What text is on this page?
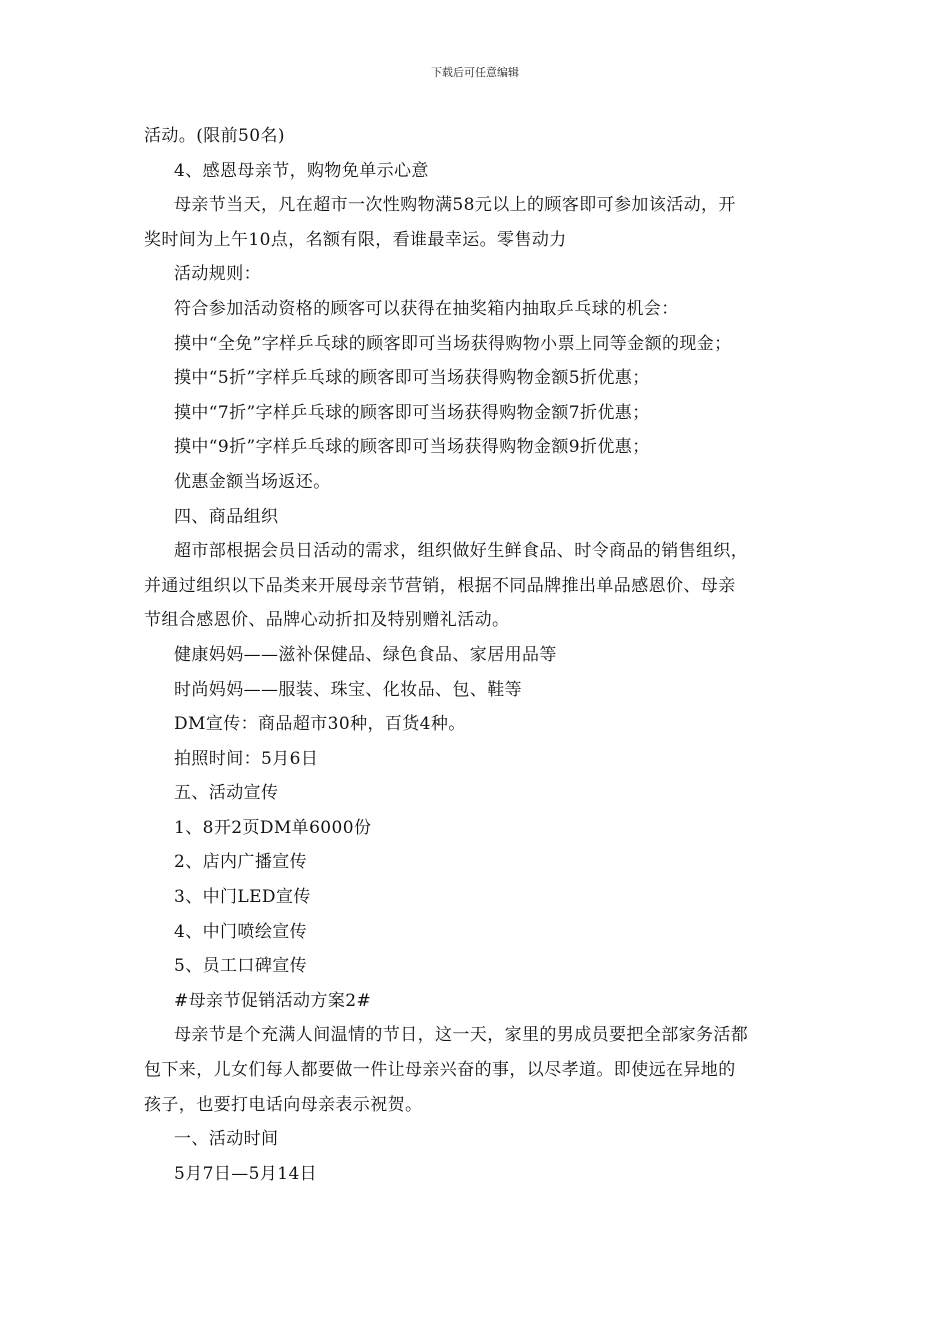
下载后可任意编辑

活动。(限前50名)

4、感恩母亲节，购物免单示心意

母亲节当天，凡在超市一次性购物满58元以上的顾客即可参加该活动，开

奖时间为上午10点，名额有限，看谁最幸运。零售动力

活动规则：

符合参加活动资格的顾客可以获得在抽奖箱内抽取乒乓球的机会：

摸中“全免”字样乒乓球的顾客即可当场获得购物小票上同等金额的现金；

摸中“5折”字样乒乓球的顾客即可当场获得购物金额5折优惠；

摸中“7折”字样乒乓球的顾客即可当场获得购物金额7折优惠；

摸中“9折”字样乒乓球的顾客即可当场获得购物金额9折优惠；

优惠金额当场返还。

四、商品组织

超市部根据会员日活动的需求，组织做好生鲜食品、时令商品的销售组织，

并通过组织以下品类来开展母亲节营销，根据不同品牌推出单品感恩价、母亲

节组合感恩价、品牌心动折扣及特别赠礼活动。

健康妈妈——滋补保健品、绿色食品、家居用品等

时尚妈妈——服装、珠宝、化妆品、包、鞋等

DM宣传：商品超市30种，百货4种。

拍照时间：5月6日

五、活动宣传

1、8开2页DM单6000份

2、店内广播宣传

3、中门LED宣传

4、中门喷绘宣传

5、员工口碑宣传

#母亲节促销活动方案2#

母亲节是个充满人间温情的节日，这一天，家里的男成员要把全部家务活都

包下来，儿女们每人都要做一件让母亲兴奋的事，以尽孝道。即使远在异地的

孩子，也要打电话向母亲表示祝贺。

一、活动时间

5月7日—5月14日
